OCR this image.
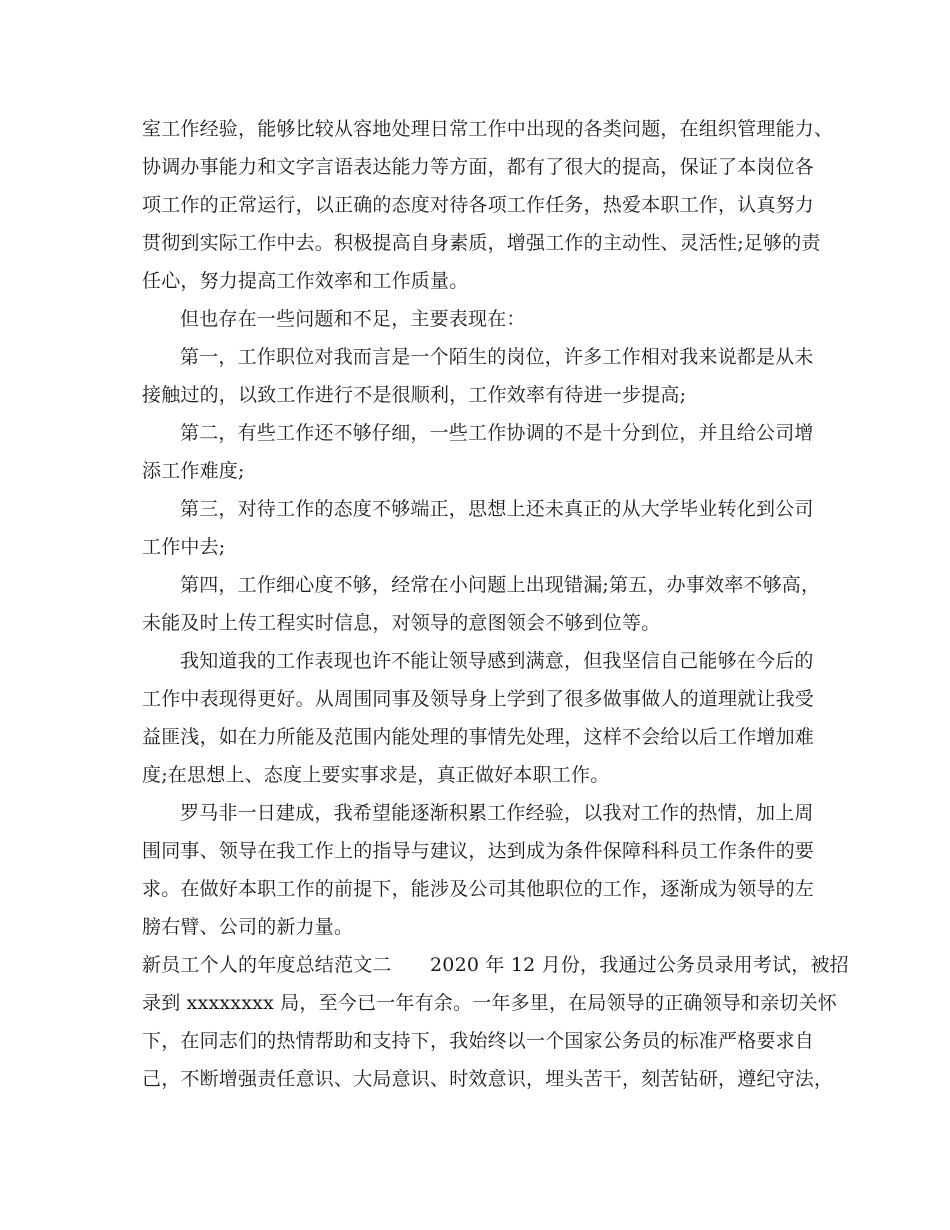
室工作经验，能够比较从容地处理日常工作中出现的各类问题，在组织管理能力、
协调办事能力和文字言语表达能力等方面，都有了很大的提高，保证了本岗位各
项工作的正常运行，以正确的态度对待各项工作任务，热爱本职工作，认真努力
贯彻到实际工作中去。积极提高自身素质，增强工作的主动性、灵活性;足够的责
任心，努力提高工作效率和工作质量。
但也存在一些问题和不足，主要表现在：
第一，工作职位对我而言是一个陌生的岗位，许多工作相对我来说都是从未
接触过的，以致工作进行不是很顺利，工作效率有待进一步提高;
第二，有些工作还不够仔细，一些工作协调的不是十分到位，并且给公司增
添工作难度;
第三，对待工作的态度不够端正，思想上还未真正的从大学毕业转化到公司
工作中去;
第四，工作细心度不够，经常在小问题上出现错漏;第五，办事效率不够高，
未能及时上传工程实时信息，对领导的意图领会不够到位等。
我知道我的工作表现也许不能让领导感到满意，但我坚信自己能够在今后的
工作中表现得更好。从周围同事及领导身上学到了很多做事做人的道理就让我受
益匪浅，如在力所能及范围内能处理的事情先处理，这样不会给以后工作增加难
度;在思想上、态度上要实事求是，真正做好本职工作。
罗马非一日建成，我希望能逐渐积累工作经验，以我对工作的热情，加上周
围同事、领导在我工作上的指导与建议，达到成为条件保障科科员工作条件的要
求。在做好本职工作的前提下，能涉及公司其他职位的工作，逐渐成为领导的左
膀右臂、公司的新力量。
新员工个人的年度总结范文二　　2020 年 12 月份，我通过公务员录用考试，被招
录到 xxxxxxxx 局，至今已一年有余。一年多里，在局领导的正确领导和亲切关怀
下，在同志们的热情帮助和支持下，我始终以一个国家公务员的标准严格要求自
己，不断增强责任意识、大局意识、时效意识，埋头苦干，刻苦钻研，遵纪守法，
